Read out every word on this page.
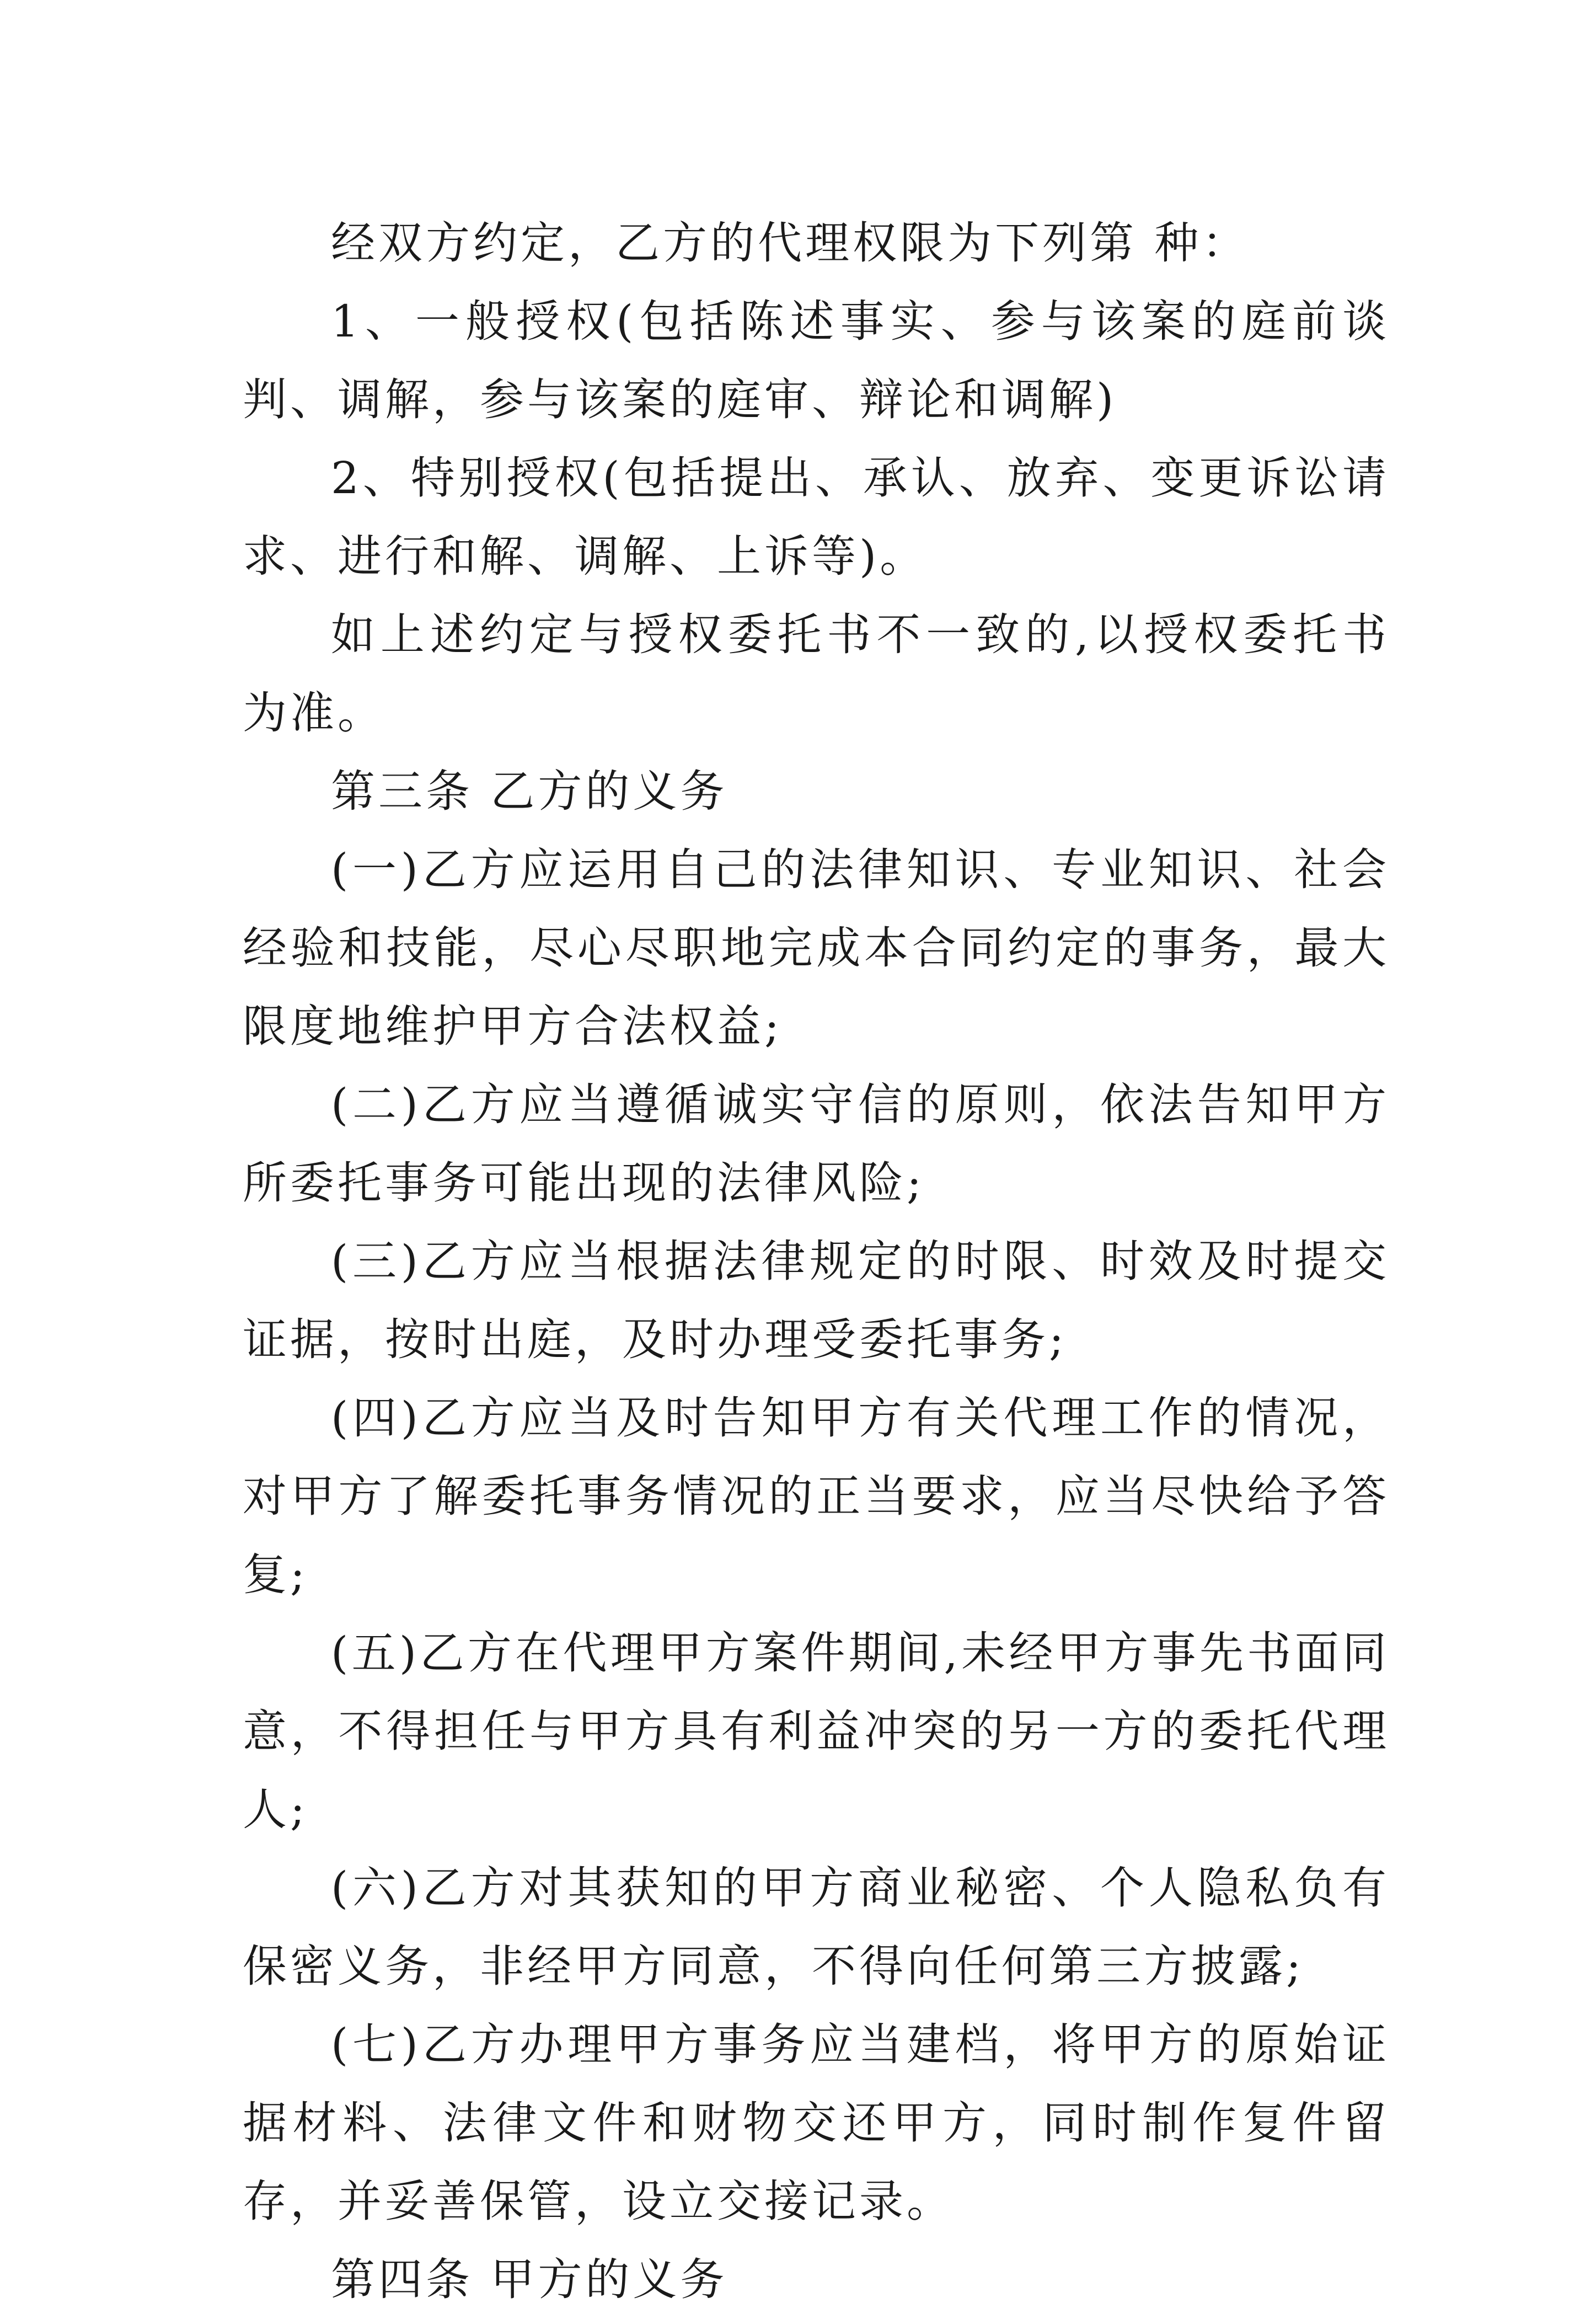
经双方约定，乙方的代理权限为下列第 种：

1、一般授权(包括陈述事实、参与该案的庭前谈判、调解，参与该案的庭审、辩论和调解)

2、特别授权(包括提出、承认、放弃、变更诉讼请求、进行和解、调解、上诉等)。

如上述约定与授权委托书不一致的,以授权委托书为准。

第三条 乙方的义务

(一)乙方应运用自己的法律知识、专业知识、社会经验和技能，尽心尽职地完成本合同约定的事务，最大限度地维护甲方合法权益;

(二)乙方应当遵循诚实守信的原则，依法告知甲方所委托事务可能出现的法律风险;

(三)乙方应当根据法律规定的时限、时效及时提交证据，按时出庭，及时办理受委托事务;

(四)乙方应当及时告知甲方有关代理工作的情况，对甲方了解委托事务情况的正当要求，应当尽快给予答复;

(五)乙方在代理甲方案件期间,未经甲方事先书面同意，不得担任与甲方具有利益冲突的另一方的委托代理人;

(六)乙方对其获知的甲方商业秘密、个人隐私负有保密义务，非经甲方同意，不得向任何第三方披露;

(七)乙方办理甲方事务应当建档，将甲方的原始证据材料、法律文件和财物交还甲方，同时制作复件留存，并妥善保管，设立交接记录。

第四条 甲方的义务
